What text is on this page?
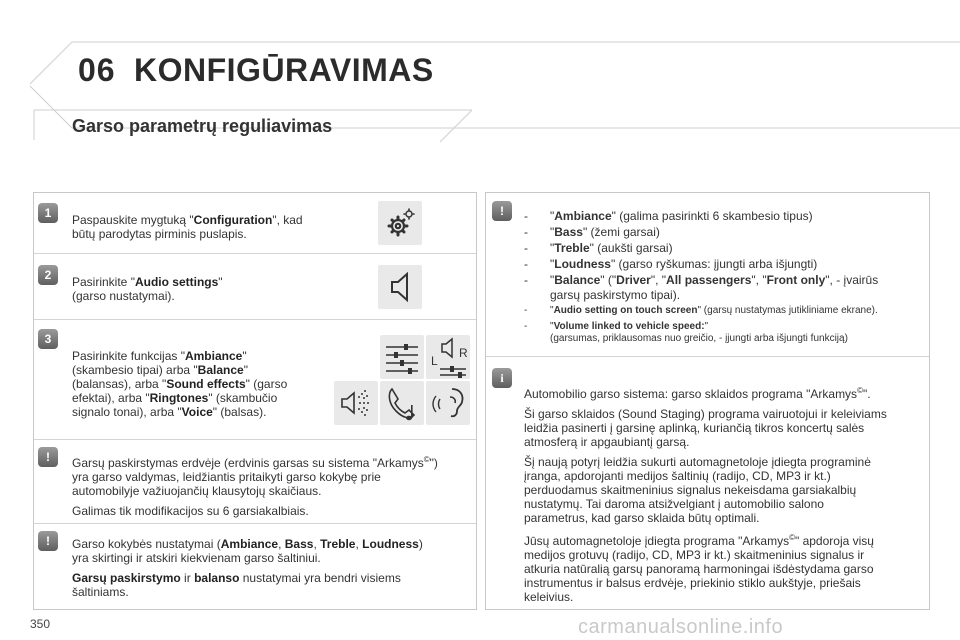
06 KONFIGŪRAVIMAS
Garso parametrų reguliavimas
1	Paspauskite mygtuką "Configuration", kad

būtų parodytas pirminis puslapis.

2	Pasirinkite "Audio settings"

(garso nustatymai).

3

Pasirinkite funkcijas "Ambiance"

(skambesio tipai) arba "Balance"

(balansas), arba "Sound effects" (garso

efektai), arba "Ringtones" (skambučio

signalo tonai), arba "Voice" (balsas).

L
R
!	Garsų paskirstymas erdvėje (erdvinis garsas su sistema "Arkamys©")

yra garso valdymas, leidžiantis pritaikyti garso kokybę prie

automobilyje važiuojančių klausytojų skaičiaus.

Galimas tik modifikacijos su 6 garsiakalbiais.

!	Garso kokybės nustatymai (Ambiance, Bass, Treble, Loudness)

yra skirtingi ir atskiri kiekvienam garso šaltiniui.

Garsų paskirstymo ir balanso nustatymai yra bendri visiems

šaltiniams.

!	- "Ambiance" (galima pasirinkti 6 skambesio tipus)
- "Bass" (žemi garsai)
- "Treble" (aukšti garsai)
- "Loudness" (garso ryškumas: įjungti arba išjungti)
- "Balance" ("Driver", "All passengers", "Front only", - įvairūs
garsų paskirstymo tipai).
- "Audio setting on touch screen" (garsų nustatymas jutikliniame ekrane).
- "Volume linked to vehicle speed:"
(garsumas, priklausomas nuo greičio, - įjungti arba išjungti funkciją)
i

Automobilio garso sistema: garso sklaidos programa "Arkamys©".

Ši garso sklaidos (Sound Staging) programa vairuotojui ir keleiviams

leidžia pasinerti į garsinę aplinką, kuriančią tikros koncertų salės

atmosferą ir apgaubiantį garsą.

Šį naują potyrį leidžia sukurti automagnetoloje įdiegta programinė

įranga, apdorojanti medijos šaltinių (radijo, CD, MP3 ir kt.)

perduodamus skaitmeninius signalus nekeisdama garsiakalbių

nustatymų. Tai daroma atsižvelgiant į automobilio salono

parametrus, kad garso sklaida būtų optimali.

Jūsų automagnetoloje įdiegta programa "Arkamys©" apdoroja visų

medijos grotuvų (radijo, CD, MP3 ir kt.) skaitmeninius signalus ir

atkuria natūralią garsų panoramą harmoningai išdėstydama garso

instrumentus ir balsus erdvėje, priekinio stiklo aukštyje, priešais

keleivius.

350	carmanualsonline.info
